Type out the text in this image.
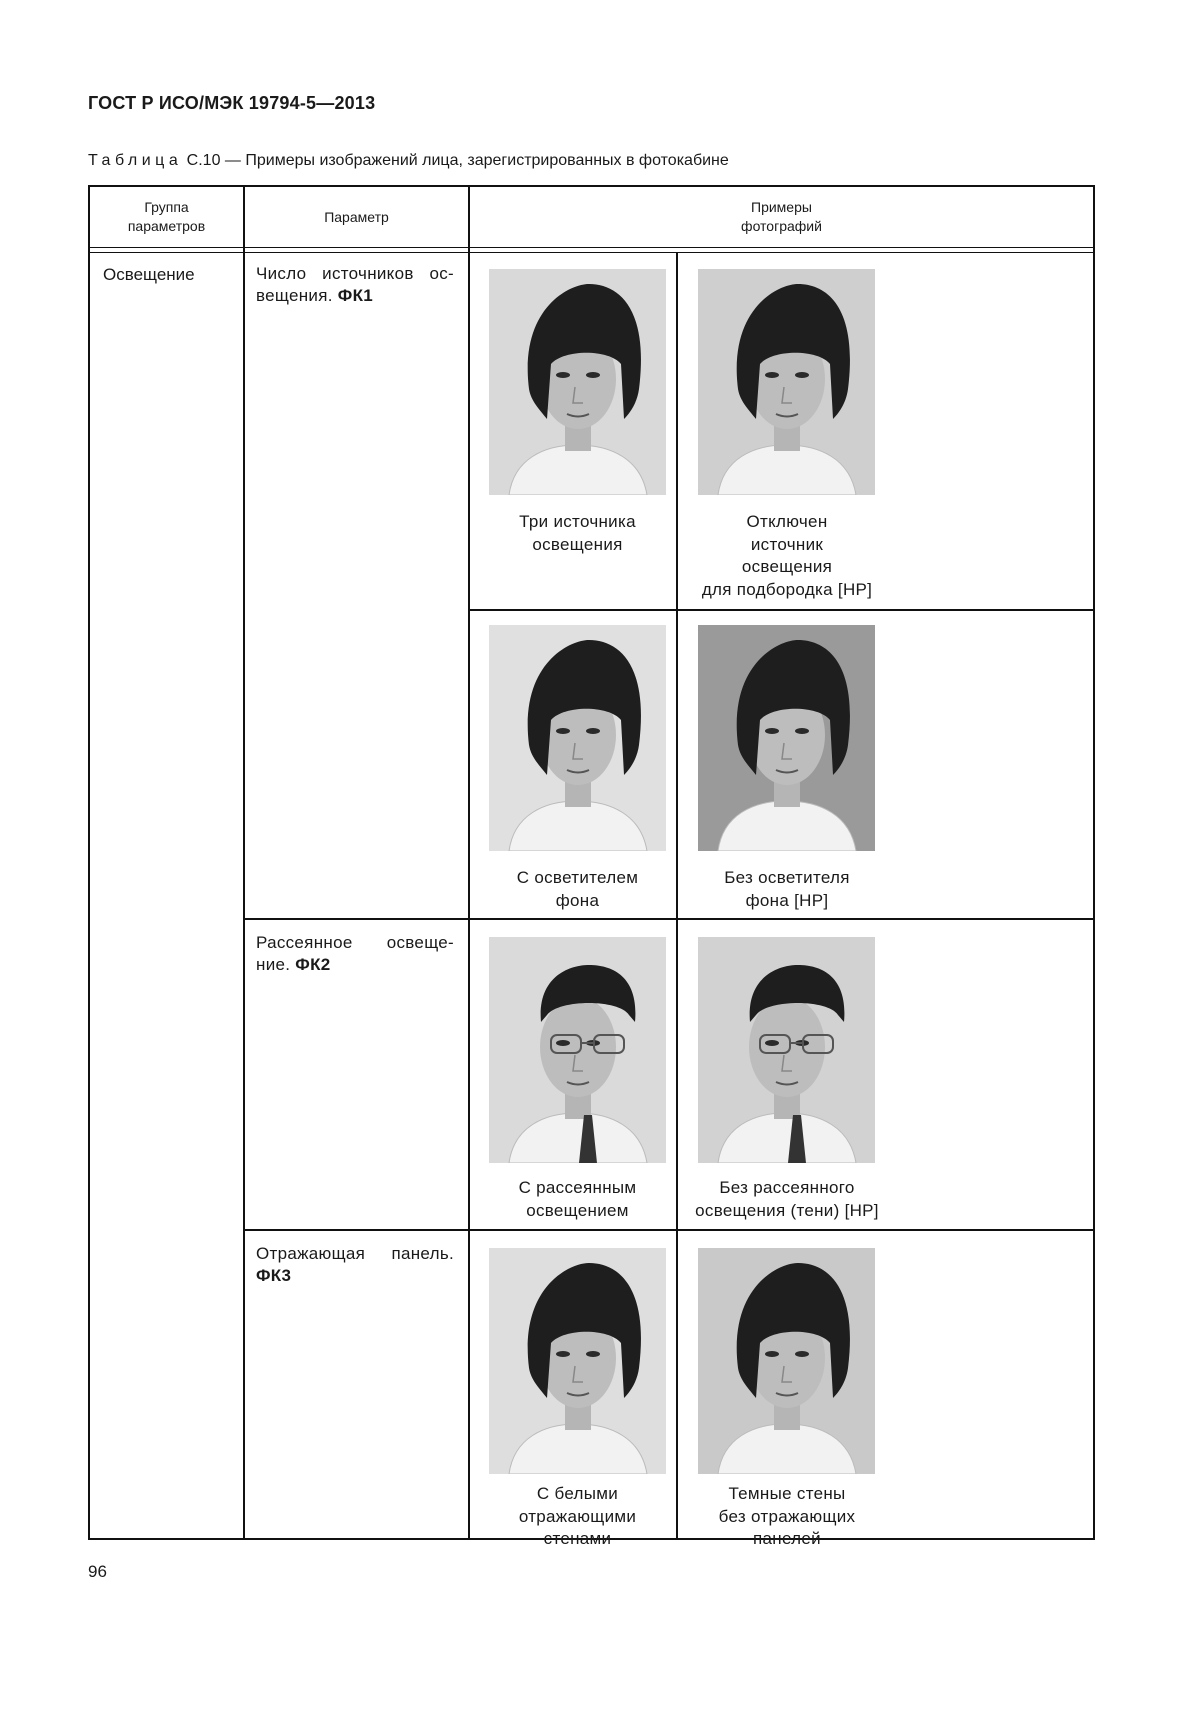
ГОСТ Р ИСО/МЭК 19794-5—2013
Таблица С.10 — Примеры изображений лица, зарегистрированных в фотокабине
Группа
параметров
Параметр
Примеры
фотографий
Освещение	Число источников ос-
вещения. ФК1
Рассеянное освеще-
ние. ФК2
Отражающая панель.
ФК3
Три источника
освещения
Отключен
источник
освещения
для подбородка [НР]
С осветителем
фона
Без осветителя
фона [НР]
С рассеянным
освещением
Без рассеянного
освещения (тени) [НР]
С белыми
отражающими
стенами
Темные стены
без отражающих
панелей
96
